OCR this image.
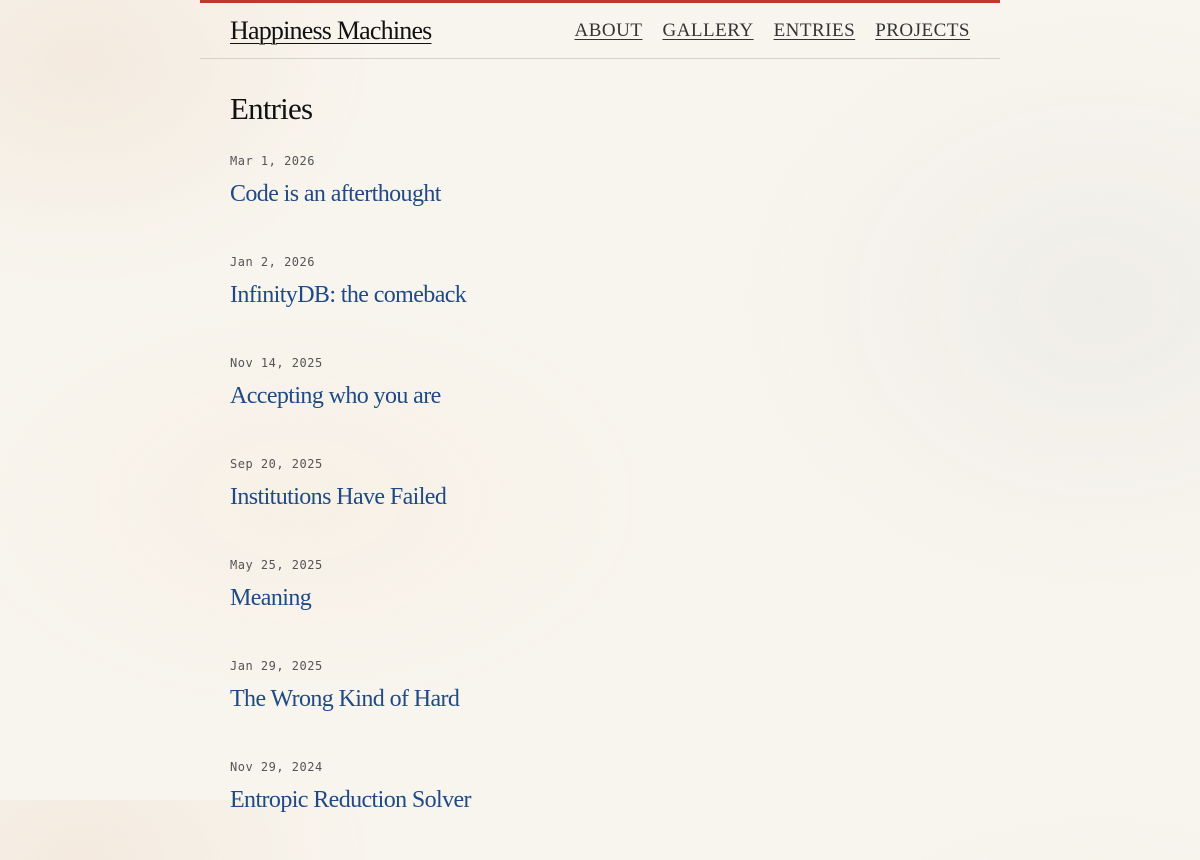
Happiness Machines	ABOUT GALLERY ENTRIES PROJECTS
Entries
Mar 1, 2026
Code is an afterthought
Jan 2, 2026
InfinityDB: the comeback
Nov 14, 2025
Accepting who you are
Sep 20, 2025
Institutions Have Failed
May 25, 2025
Meaning
Jan 29, 2025
The Wrong Kind of Hard
Nov 29, 2024
Entropic Reduction Solver
